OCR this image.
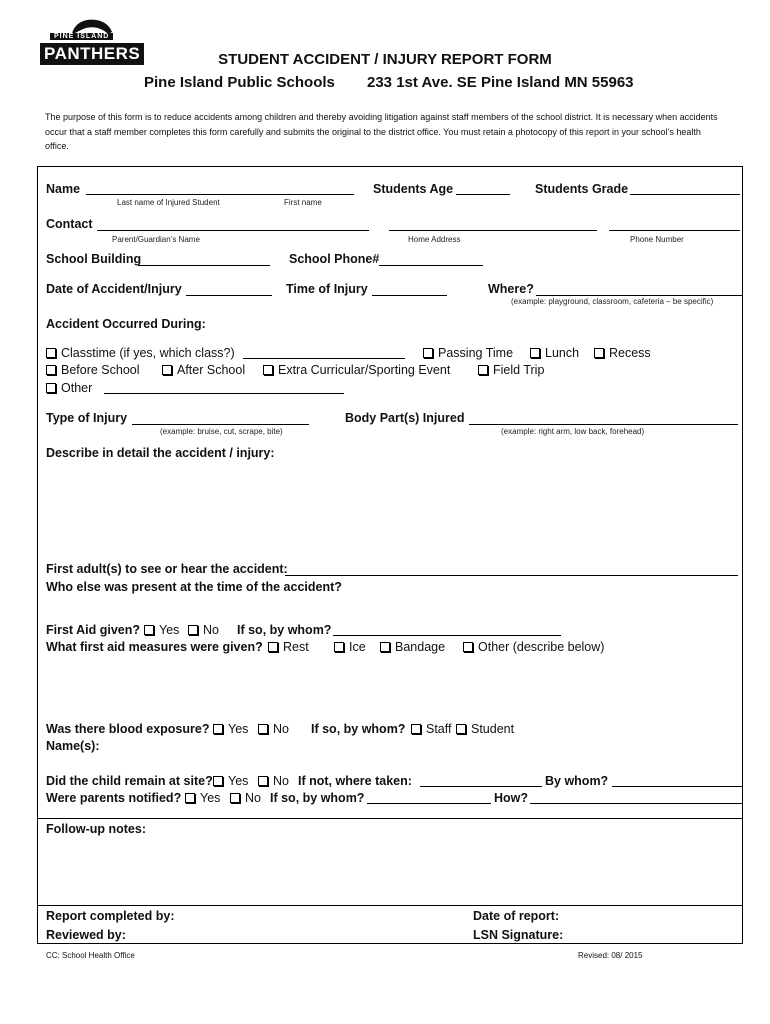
PINE ISLAND
PANTHERS	STUDENT ACCIDENT / INJURY REPORT FORM
Pine Island Public Schools 233 1st Ave. SE Pine Island MN 55963
The purpose of this form is to reduce accidents among children and thereby avoiding litigation against staff members of the school district. It is necessary when accidents occur that a staff member completes this form carefully and submits the original to the district office. You must retain a photocopy of this report in your school’s health office.
Name
Last name of Injured Student	First name
Students Age	Students Grade
Contact
Parent/Guardian’s Name	Home Address	Phone Number
School Building	School Phone#
Date of Accident/Injury	Time of Injury	Where?
(example: playground, classroom, cafeteria – be specific)
Accident Occurred During:
Classtime (if yes, which class?)	Passing Time	Lunch	Recess
Before School	After School	Extra Curricular/Sporting Event	Field Trip
Other
Type of Injury
(example: bruise, cut, scrape, bite)
Body Part(s) Injured
(example: right arm, low back, forehead)
Describe in detail the accident / injury:
First adult(s) to see or hear the accident:
Who else was present at the time of the accident?
First Aid given?	Yes	No If so, by whom?
What first aid measures were given?	Rest	Ice	Bandage	Other (describe below)
Was there blood exposure?	Yes	No If so, by whom?	Staff	Student
Name(s):
Did the child remain at site?	Yes	No If not, where taken:	By whom?
Were parents notified?	Yes	No If so, by whom?	How?
Follow-up notes:
Report completed by:	Date of report:
Reviewed by:	LSN Signature:
CC: School Health Office	Revised: 08/ 2015
